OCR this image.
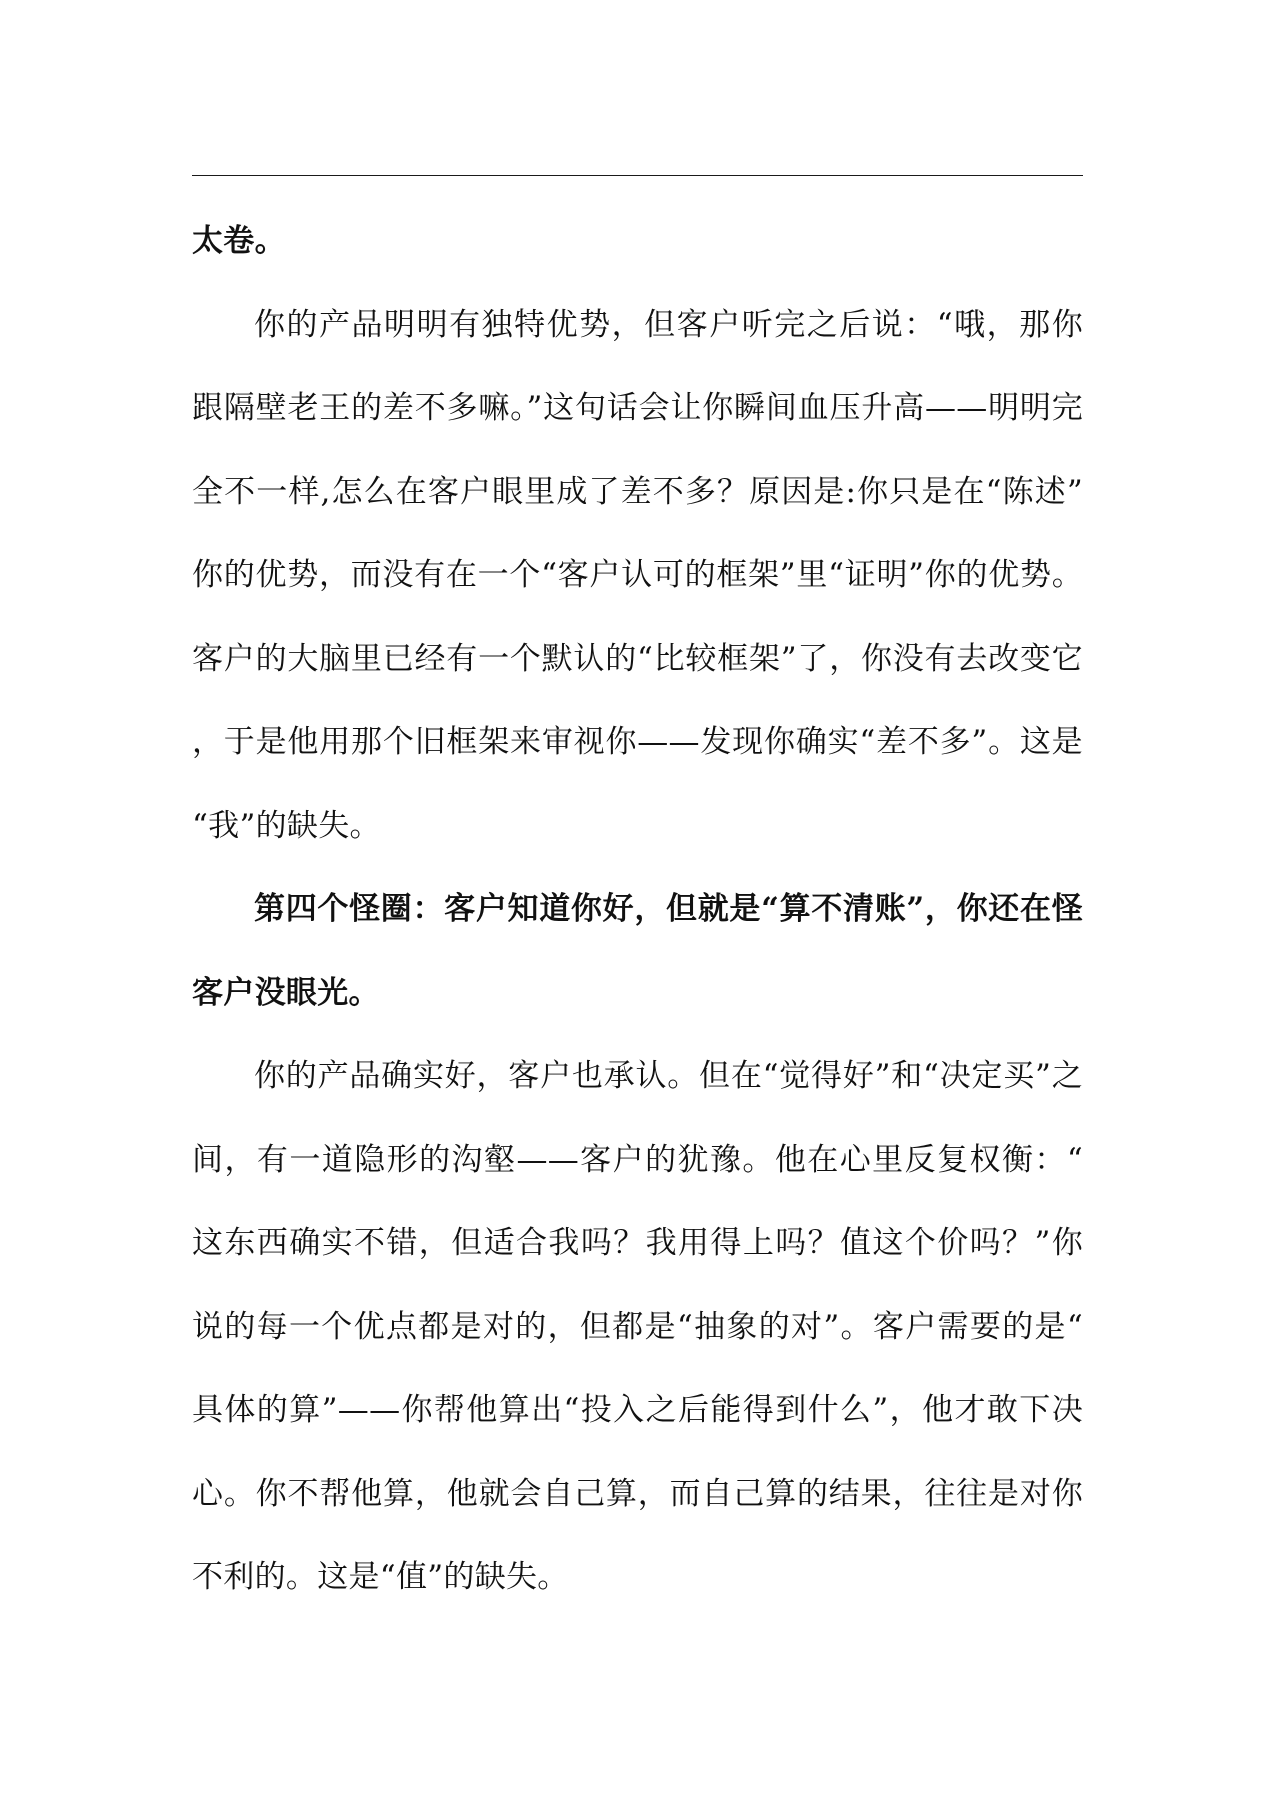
太卷。

你的产品明明有独特优势，但客户听完之后说：“哦，那你跟隔壁老王的差不多嘛。”这句话会让你瞬间血压升高——明明完全不一样,怎么在客户眼里成了差不多？原因是:你只是在“陈述”你的优势，而没有在一个“客户认可的框架”里“证明”你的优势。客户的大脑里已经有一个默认的“比较框架”了，你没有去改变它，于是他用那个旧框架来审视你——发现你确实“差不多”。这是“我”的缺失。

第四个怪圈：客户知道你好，但就是“算不清账”，你还在怪客户没眼光。

你的产品确实好，客户也承认。但在“觉得好”和“决定买”之间，有一道隐形的沟壑——客户的犹豫。他在心里反复权衡：“这东西确实不错，但适合我吗？我用得上吗？值这个价吗？”你说的每一个优点都是对的，但都是“抽象的对”。客户需要的是“具体的算”——你帮他算出“投入之后能得到什么”，他才敢下决心。你不帮他算，他就会自己算，而自己算的结果，往往是对你不利的。这是“值”的缺失。
